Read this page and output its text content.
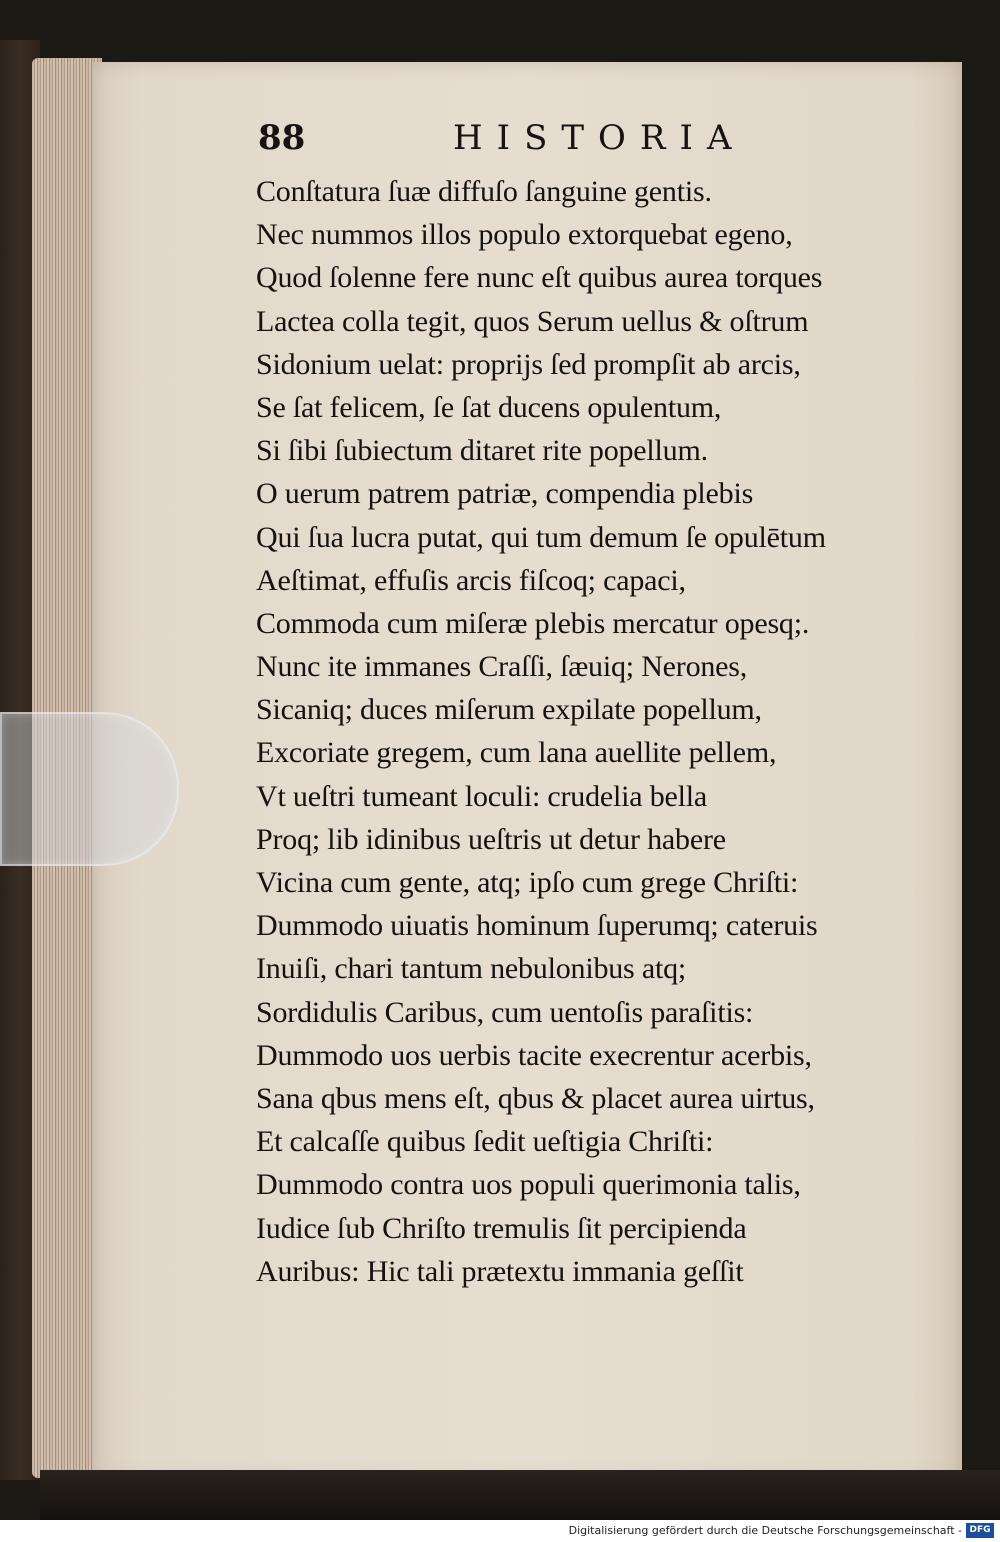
88	HISTORIA
Conſtatura ſuæ diffuſo ſanguine gentis.
Nec nummos illos populo extorquebat egeno,
Quod ſolenne fere nunc eſt quibus aurea torques
Lactea colla tegit, quos Serum uellus & oſtrum
Sidonium uelat: proprijs ſed prompſit ab arcis,
Se ſat felicem, ſe ſat ducens opulentum,
Si ſibi ſubiectum ditaret rite popellum.
O uerum patrem patriæ, compendia plebis
Qui ſua lucra putat, qui tum demum ſe opulētum
Aeſtimat, effuſis arcis fiſcoq; capaci,
Commoda cum miſeræ plebis mercatur opesq;.
Nunc ite immanes Craſſi, ſæuiq; Nerones,
Sicaniq; duces miſerum expilate popellum,
Excoriate gregem, cum lana auellite pellem,
Vt ueſtri tumeant loculi: crudelia bella
Proq; lib idinibus ueſtris ut detur habere
Vicina cum gente, atq; ipſo cum grege Chriſti:
Dummodo uiuatis hominum ſuperumq; cateruis
Inuiſi, chari tantum nebulonibus atq;
Sordidulis Caribus, cum uentoſis paraſitis:
Dummodo uos uerbis tacite execrentur acerbis,
Sana qbus mens eſt, qbus & placet aurea uirtus,
Et calcaſſe quibus ſedit ueſtigia Chriſti:
Dummodo contra uos populi querimonia talis,
Iudice ſub Chriſto tremulis ſit percipienda
Auribus: Hic tali prætextu immania geſſit
Digitalisierung gefördert durch die Deutsche Forschungsgemeinschaft - DFG
